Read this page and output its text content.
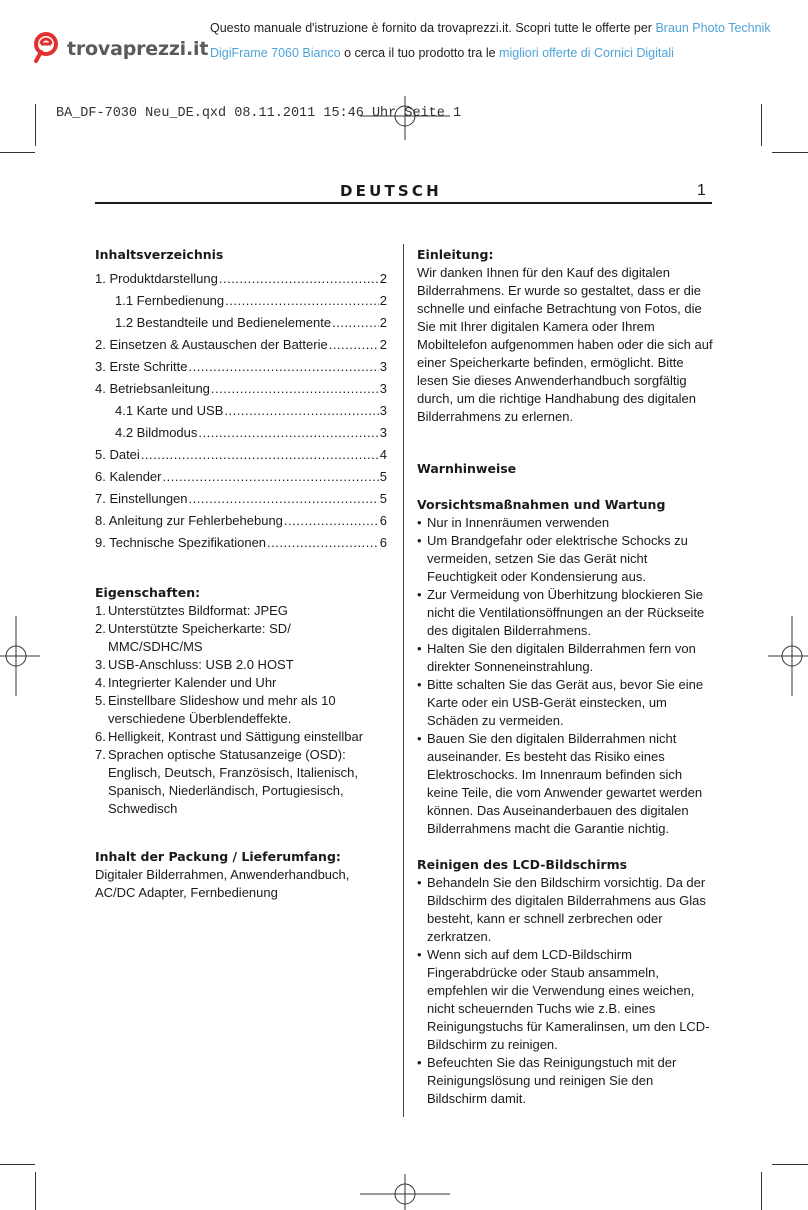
trovaprezzi.it
Questo manuale d'istruzione è fornito da trovaprezzi.it. Scopri tutte le offerte per Braun Photo Technik
DigiFrame 7060 Bianco o cerca il tuo prodotto tra le migliori offerte di Cornici Digitali
BA_DF-7030 Neu_DE.qxd 08.11.2011 15:46 Uhr Seite 1
DEUTSCH	1
Inhaltsverzeichnis
1. Produktdarstellung .....	2
1.1 Fernbedienung .....	2
1.2 Bestandteile und Bedienelemente .....	2
2. Einsetzen & Austauschen der Batterie .....	2
3. Erste Schritte .....	3
4. Betriebsanleitung .....	3
4.1 Karte und USB .....	3
4.2 Bildmodus .....	3
5. Datei .....	4
6. Kalender .....	5
7. Einstellungen .....	5
8. Anleitung zur Fehlerbehebung .....	6
9. Technische Spezifikationen .....	6
Eigenschaften:
1. Unterstütztes Bildformat: JPEG
2. Unterstützte Speicherkarte: SD/ MMC/SDHC/MS
3. USB-Anschluss: USB 2.0 HOST
4. Integrierter Kalender und Uhr
5. Einstellbare Slideshow und mehr als 10 verschiedene Überblendeffekte.
6. Helligkeit, Kontrast und Sättigung einstellbar
7. Sprachen optische Statusanzeige (OSD): Englisch, Deutsch, Französisch, Italienisch, Spanisch, Niederländisch, Portugiesisch, Schwedisch
Inhalt der Packung / Lieferumfang:

Digitaler Bilderrahmen, Anwenderhandbuch, AC/DC Adapter, Fernbedienung

Einleitung:

Wir danken Ihnen für den Kauf des digitalen Bilderrahmens. Er wurde so gestaltet, dass er die schnelle und einfache Betrachtung von Fotos, die Sie mit Ihrer digitalen Kamera oder Ihrem Mobiltelefon aufgenommen haben oder die sich auf einer Speicherkarte befinden, ermöglicht. Bitte lesen Sie dieses Anwenderhandbuch sorgfältig durch, um die richtige Handhabung des digitalen Bilderrahmens zu erlernen.

Warnhinweise
Vorsichtsmaßnahmen und Wartung
• Nur in Innenräumen verwenden
• Um Brandgefahr oder elektrische Schocks zu vermeiden, setzen Sie das Gerät nicht Feuchtigkeit oder Kondensierung aus.
• Zur Vermeidung von Überhitzung blockieren Sie nicht die Ventilationsöffnungen an der Rückseite des digitalen Bilderrahmens.
• Halten Sie den digitalen Bilderrahmen fern von direkter Sonneneinstrahlung.
• Bitte schalten Sie das Gerät aus, bevor Sie eine Karte oder ein USB-Gerät einstecken, um Schäden zu vermeiden.
• Bauen Sie den digitalen Bilderrahmen nicht auseinander. Es besteht das Risiko eines Elektroschocks. Im Innenraum befinden sich keine Teile, die vom Anwender gewartet werden können. Das Auseinanderbauen des digitalen Bilderrahmens macht die Garantie nichtig.
Reinigen des LCD-Bildschirms
• Behandeln Sie den Bildschirm vorsichtig. Da der Bildschirm des digitalen Bilderrahmens aus Glas besteht, kann er schnell zerbrechen oder zerkratzen.
• Wenn sich auf dem LCD-Bildschirm Fingerabdrücke oder Staub ansammeln, empfehlen wir die Verwendung eines weichen, nicht scheuernden Tuchs wie z.B. eines Reinigungstuchs für Kameralinsen, um den LCD-Bildschirm zu reinigen.
• Befeuchten Sie das Reinigungstuch mit der Reinigungslösung und reinigen Sie den Bildschirm damit.
